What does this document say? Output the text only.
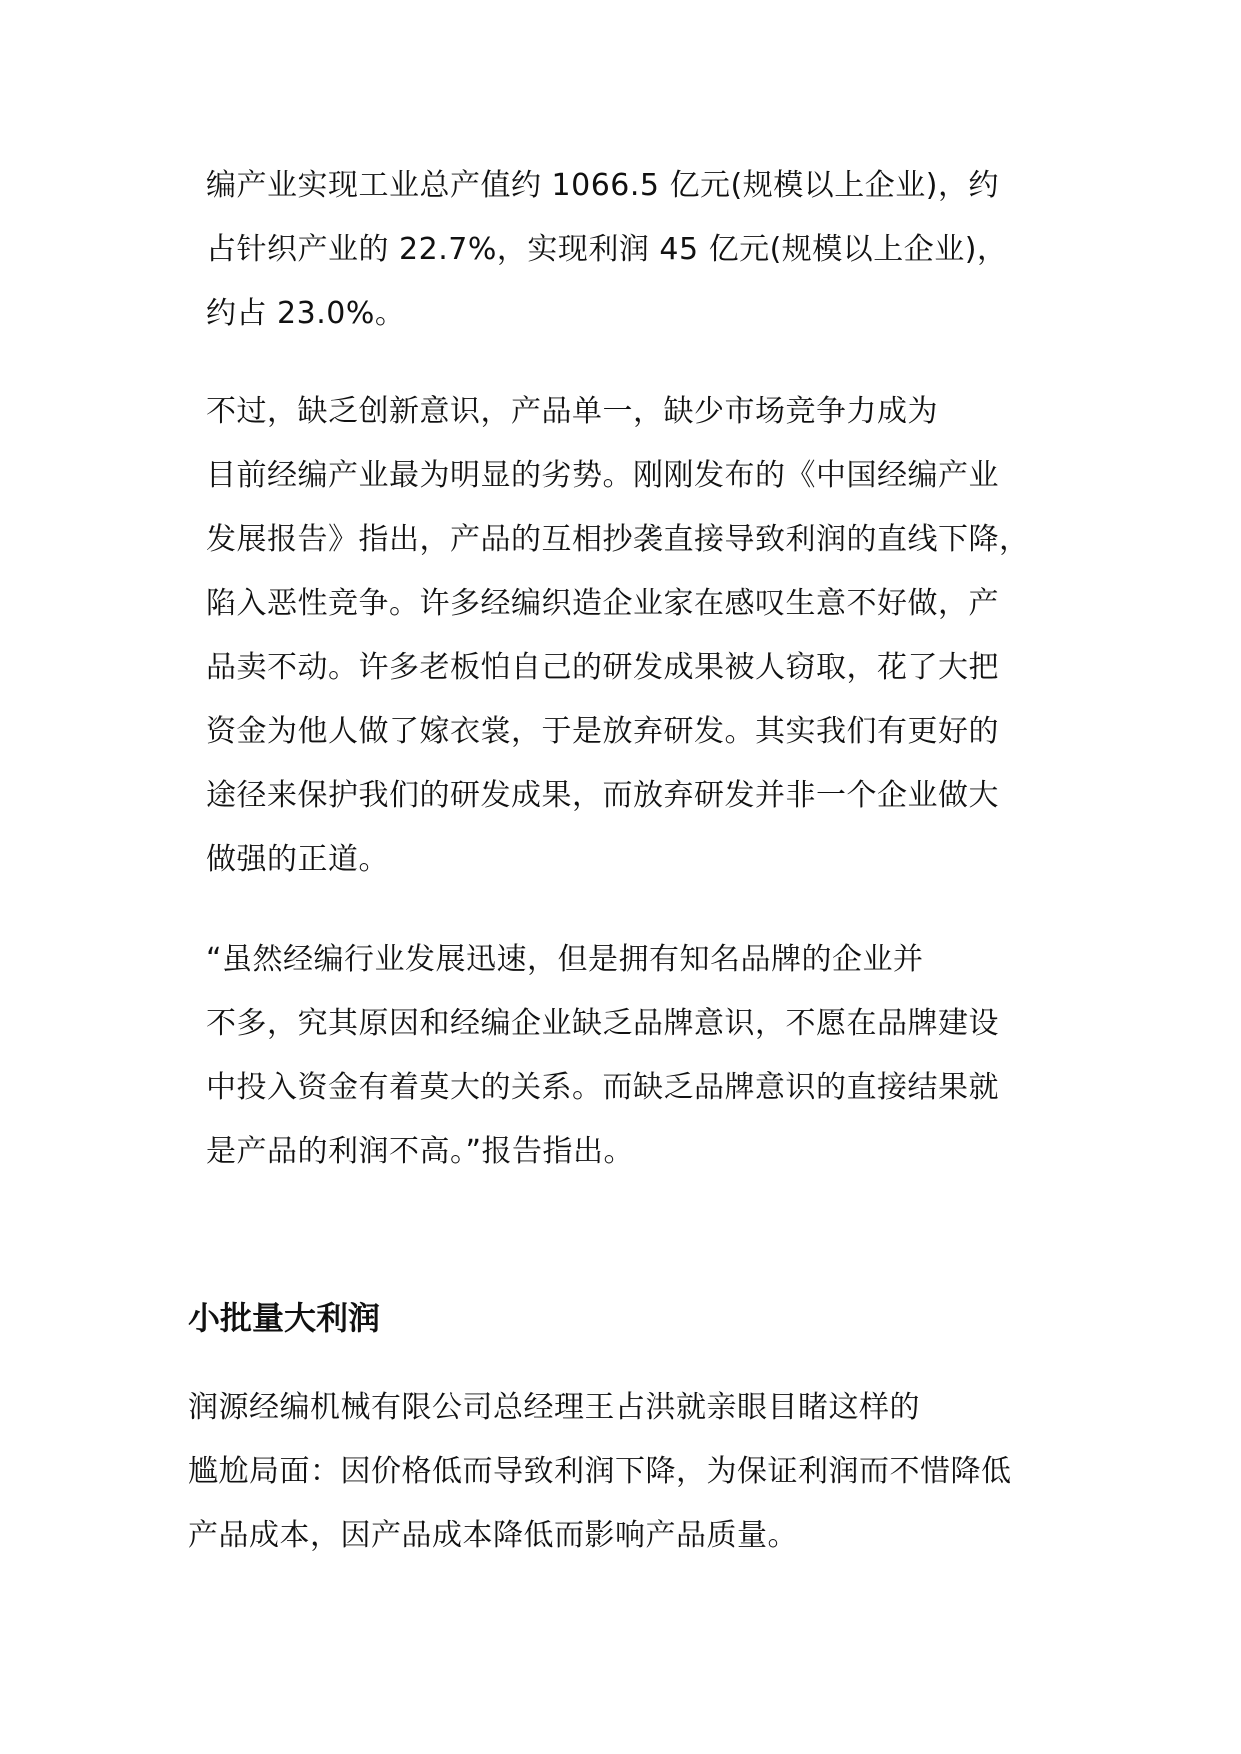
编产业实现工业总产值约 1066.5 亿元(规模以上企业)，约
占针织产业的 22.7%，实现利润 45 亿元(规模以上企业)，
约占 23.0%。

不过，缺乏创新意识，产品单一，缺少市场竞争力成为
目前经编产业最为明显的劣势。刚刚发布的《中国经编产业
发展报告》指出，产品的互相抄袭直接导致利润的直线下降，
陷入恶性竞争。许多经编织造企业家在感叹生意不好做，产
品卖不动。许多老板怕自己的研发成果被人窃取，花了大把
资金为他人做了嫁衣裳，于是放弃研发。其实我们有更好的
途径来保护我们的研发成果，而放弃研发并非一个企业做大
做强的正道。

“虽然经编行业发展迅速，但是拥有知名品牌的企业并
不多，究其原因和经编企业缺乏品牌意识，不愿在品牌建设
中投入资金有着莫大的关系。而缺乏品牌意识的直接结果就
是产品的利润不高。”报告指出。

小批量大利润

润源经编机械有限公司总经理王占洪就亲眼目睹这样的
尴尬局面：因价格低而导致利润下降，为保证利润而不惜降低
产品成本，因产品成本降低而影响产品质量。
